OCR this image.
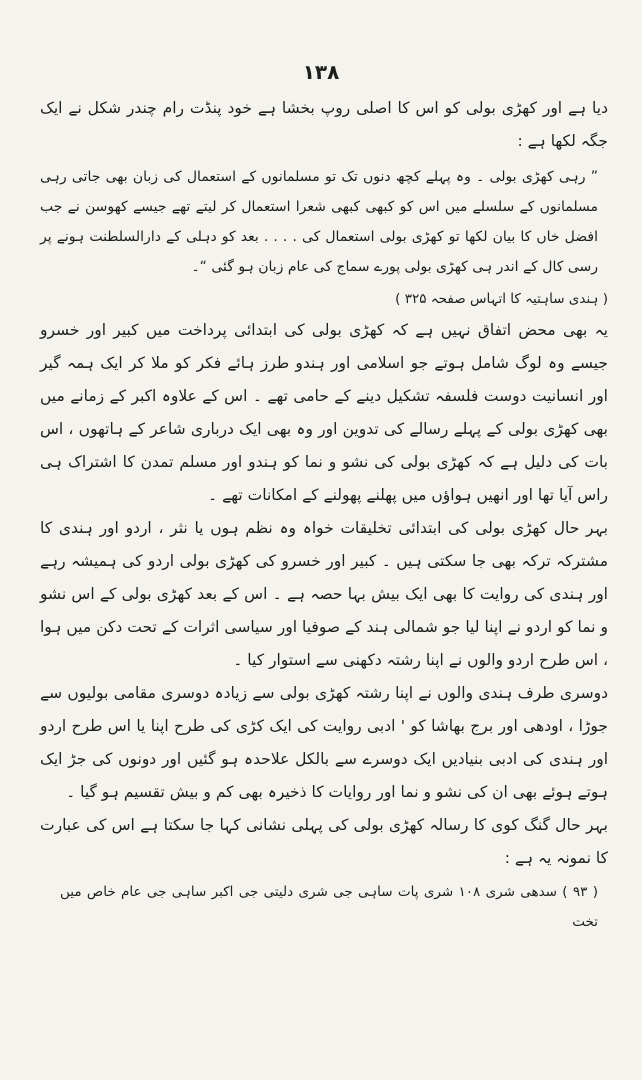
۱۳۸

دیا ہے اور کھڑی بولی کو اس کا اصلی روپ بخشا ہے خود پنڈت رام چندر شکل نے ایک جگہ لکھا ہے :

” رہی کھڑی بولی ۔ وہ پہلے کچھ دنوں تک تو مسلمانوں کے استعمال کی زبان بھی جاتی رہی مسلمانوں کے سلسلے میں اس کو کبھی کبھی شعرا استعمال کر لیتے تھے جیسے کھوسن نے جب افضل خاں کا بیان لکھا تو کھڑی بولی استعمال کی . . . . بعد کو دہلی کے دارالسلطنت ہونے پر رسی کال کے اندر ہی کھڑی بولی پورے سماج کی عام زبان ہو گئی “۔

( ہندی ساہتیہ کا اتہاس صفحہ ۳۲۵ )

یہ بھی محض اتفاق نہیں ہے کہ کھڑی بولی کی ابتدائی پرداخت میں کبیر اور خسرو جیسے وہ لوگ شامل ہوتے جو اسلامی اور ہندو طرز ہائے فکر کو ملا کر ایک ہمہ گیر اور انسانیت دوست فلسفہ تشکیل دینے کے حامی تھے ۔ اس کے علاوہ اکبر کے زمانے میں بھی کھڑی بولی کے پہلے رسالے کی تدوین اور وہ بھی ایک درباری شاعر کے ہاتھوں ، اس بات کی دلیل ہے کہ کھڑی بولی کی نشو و نما کو ہندو اور مسلم تمدن کا اشتراک ہی راس آیا تھا اور انھیں ہواؤں میں پھلنے پھولنے کے امکانات تھے ۔

بہر حال کھڑی بولی کی ابتدائی تخلیقات خواہ وہ نظم ہوں یا نثر ، اردو اور ہندی کا مشترکہ ترکہ بھی جا سکتی ہیں ۔ کبیر اور خسرو کی کھڑی بولی اردو کی ہمیشہ رہے اور ہندی کی روایت کا بھی ایک بیش بہا حصہ ہے ۔ اس کے بعد کھڑی بولی کے اس نشو و نما کو اردو نے اپنا لیا جو شمالی ہند کے صوفیا اور سیاسی اثرات کے تحت دکن میں ہوا ، اس طرح اردو والوں نے اپنا رشتہ دکھنی سے استوار کیا ۔

دوسری طرف ہندی والوں نے اپنا رشتہ کھڑی بولی سے زیادہ دوسری مقامی بولیوں سے جوڑا ، اودھی اور برج بھاشا کو ' ادبی روایت کی ایک کڑی کی طرح اپنا یا اس طرح اردو اور ہندی کی ادبی بنیادیں ایک دوسرے سے بالکل علاحدہ ہو گئیں اور دونوں کی جڑ ایک ہوتے ہوئے بھی ان کی نشو و نما اور روایات کا ذخیرہ بھی کم و بیش تقسیم ہو گیا ۔

بہر حال گنگ کوی کا رسالہ کھڑی بولی کی پہلی نشانی کہا جا سکتا ہے اس کی عبارت کا نمونہ یہ ہے :

( ۹۳ ) سدھی شری ۱۰۸ شری پات ساہی جی شری دلیتی جی اکبر ساہی جی عام خاص میں تخت
